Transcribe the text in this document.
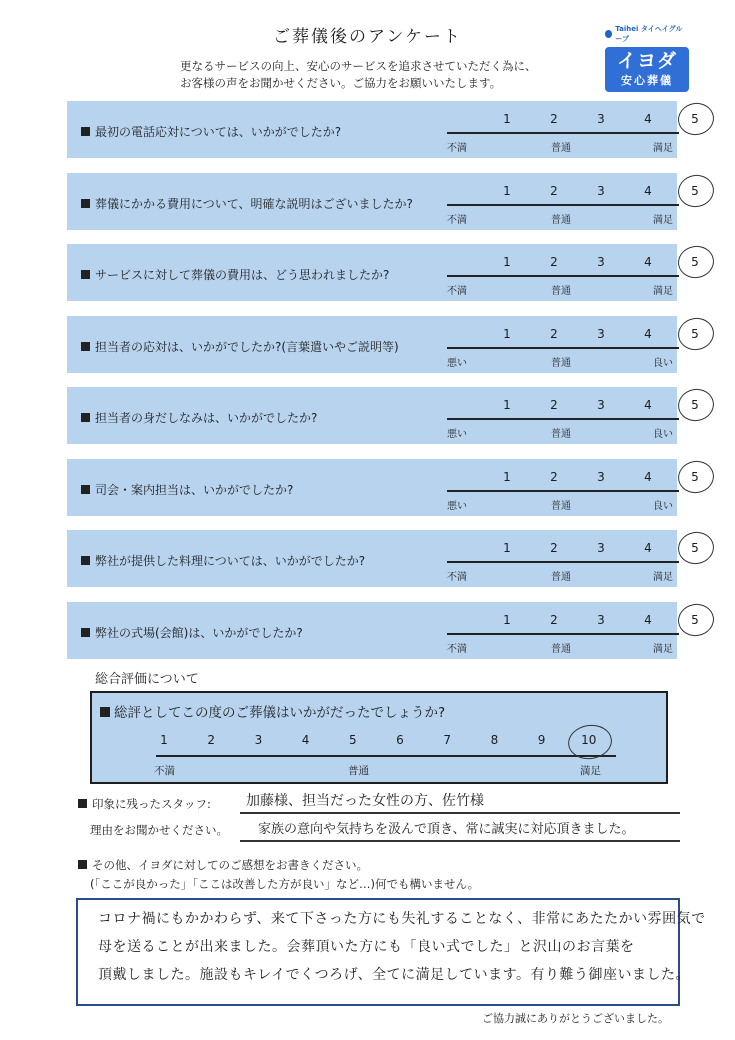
ご葬儀後のアンケート
更なるサービスの向上、安心のサービスを追求させていただく為に、
お客様の声をお聞かせください。ご協力をお願いいたします。
Taihei タイヘイグループ
イヨダ
安心葬儀
最初の電話応対については、いかがでしたか?
1	2	3	4	5
不満	普通	満足
葬儀にかかる費用について、明確な説明はございましたか?
1	2	3	4	5
不満	普通	満足
サービスに対して葬儀の費用は、どう思われましたか?
1	2	3	4	5
不満	普通	満足
担当者の応対は、いかがでしたか?(言葉遣いやご説明等)
1	2	3	4	5
悪い	普通	良い
担当者の身だしなみは、いかがでしたか?
1	2	3	4	5
悪い	普通	良い
司会・案内担当は、いかがでしたか?
1	2	3	4	5
悪い	普通	良い
弊社が提供した料理については、いかがでしたか?
1	2	3	4	5
不満	普通	満足
弊社の式場(会館)は、いかがでしたか?
1	2	3	4	5
不満	普通	満足
総合評価について
総評としてこの度のご葬儀はいかがだったでしょうか?
1	2	3	4	5	6	7	8	9	10
不満	普通	満足
印象に残ったスタッフ:	加藤様、担当だった女性の方、佐竹様
理由をお聞かせください。 家族の意向や気持ちを汲んで頂き、常に誠実に対応頂きました。
その他、イヨダに対してのご感想をお書きください。
(「ここが良かった」「ここは改善した方が良い」など…)何でも構いません。
コロナ禍にもかかわらず、来て下さった方にも失礼することなく、非常にあたたかい雰囲気で
母を送ることが出来ました。会葬頂いた方にも「良い式でした」と沢山のお言葉を
頂戴しました。施設もキレイでくつろげ、全てに満足しています。有り難う御座いました。
ご協力誠にありがとうございました。
